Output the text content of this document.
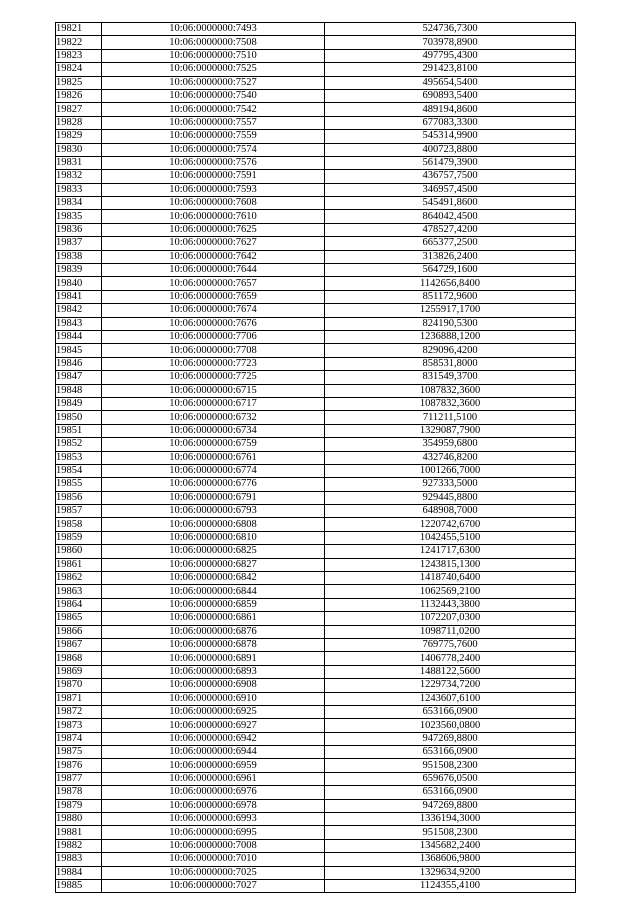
19821	10:06:0000000:7493	524736,7300
19822	10:06:0000000:7508	703978,8900
19823	10:06:0000000:7510	497795,4300
19824	10:06:0000000:7525	291423,8100
19825	10:06:0000000:7527	495654,5400
19826	10:06:0000000:7540	690893,5400
19827	10:06:0000000:7542	489194,8600
19828	10:06:0000000:7557	677083,3300
19829	10:06:0000000:7559	545314,9900
19830	10:06:0000000:7574	400723,8800
19831	10:06:0000000:7576	561479,3900
19832	10:06:0000000:7591	436757,7500
19833	10:06:0000000:7593	346957,4500
19834	10:06:0000000:7608	545491,8600
19835	10:06:0000000:7610	864042,4500
19836	10:06:0000000:7625	478527,4200
19837	10:06:0000000:7627	665377,2500
19838	10:06:0000000:7642	313826,2400
19839	10:06:0000000:7644	564729,1600
19840	10:06:0000000:7657	1142656,8400
19841	10:06:0000000:7659	851172,9600
19842	10:06:0000000:7674	1255917,1700
19843	10:06:0000000:7676	824190,5300
19844	10:06:0000000:7706	1236888,1200
19845	10:06:0000000:7708	829096,4200
19846	10:06:0000000:7723	858531,8000
19847	10:06:0000000:7725	831549,3700
19848	10:06:0000000:6715	1087832,3600
19849	10:06:0000000:6717	1087832,3600
19850	10:06:0000000:6732	711211,5100
19851	10:06:0000000:6734	1329087,7900
19852	10:06:0000000:6759	354959,6800
19853	10:06:0000000:6761	432746,8200
19854	10:06:0000000:6774	1001266,7000
19855	10:06:0000000:6776	927333,5000
19856	10:06:0000000:6791	929445,8800
19857	10:06:0000000:6793	648908,7000
19858	10:06:0000000:6808	1220742,6700
19859	10:06:0000000:6810	1042455,5100
19860	10:06:0000000:6825	1241717,6300
19861	10:06:0000000:6827	1243815,1300
19862	10:06:0000000:6842	1418740,6400
19863	10:06:0000000:6844	1062569,2100
19864	10:06:0000000:6859	1132443,3800
19865	10:06:0000000:6861	1072207,0300
19866	10:06:0000000:6876	1098711,0200
19867	10:06:0000000:6878	769775,7600
19868	10:06:0000000:6891	1406778,2400
19869	10:06:0000000:6893	1488122,5600
19870	10:06:0000000:6908	1229734,7200
19871	10:06:0000000:6910	1243607,6100
19872	10:06:0000000:6925	653166,0900
19873	10:06:0000000:6927	1023560,0800
19874	10:06:0000000:6942	947269,8800
19875	10:06:0000000:6944	653166,0900
19876	10:06:0000000:6959	951508,2300
19877	10:06:0000000:6961	659676,0500
19878	10:06:0000000:6976	653166,0900
19879	10:06:0000000:6978	947269,8800
19880	10:06:0000000:6993	1336194,3000
19881	10:06:0000000:6995	951508,2300
19882	10:06:0000000:7008	1345682,2400
19883	10:06:0000000:7010	1368606,9800
19884	10:06:0000000:7025	1329634,9200
19885	10:06:0000000:7027	1124355,4100
